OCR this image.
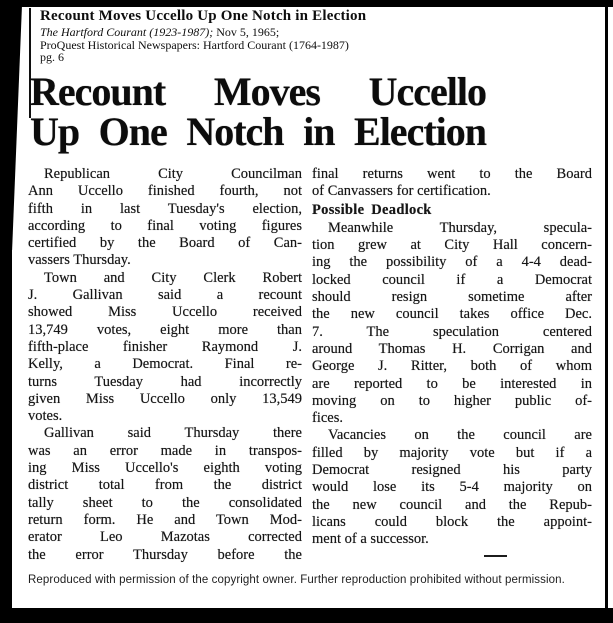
Recount Moves Uccello Up One Notch in Election
The Hartford Courant (1923-1987); Nov 5, 1965;
ProQuest Historical Newspapers: Hartford Courant (1764-1987)
pg. 6
Recount Moves Uccello
Up One Notch in Election
Republican City Councilman
Ann Uccello finished fourth, not
fifth in last Tuesday's election,
according to final voting figures
certified by the Board of Can-
vassers Thursday.
Town and City Clerk Robert
J. Gallivan said a recount
showed Miss Uccello received
13,749 votes, eight more than
fifth-place finisher Raymond J.
Kelly, a Democrat. Final re-
turns Tuesday had incorrectly
given Miss Uccello only 13,549
votes.
Gallivan said Thursday there
was an error made in transpos-
ing Miss Uccello's eighth voting
district total from the district
tally sheet to the consolidated
return form. He and Town Mod-
erator Leo Mazotas corrected
the error Thursday before the
final returns went to the Board
of Canvassers for certification.
Possible Deadlock
Meanwhile Thursday, specula-
tion grew at City Hall concern-
ing the possibility of a 4-4 dead-
locked council if a Democrat
should resign sometime after
the new council takes office Dec.
7. The speculation centered
around Thomas H. Corrigan and
George J. Ritter, both of whom
are reported to be interested in
moving on to higher public of-
fices.
Vacancies on the council are
filled by majority vote but if a
Democrat resigned his party
would lose its 5-4 majority on
the new council and the Repub-
licans could block the appoint-
ment of a successor.
Reproduced with permission of the copyright owner. Further reproduction prohibited without permission.
